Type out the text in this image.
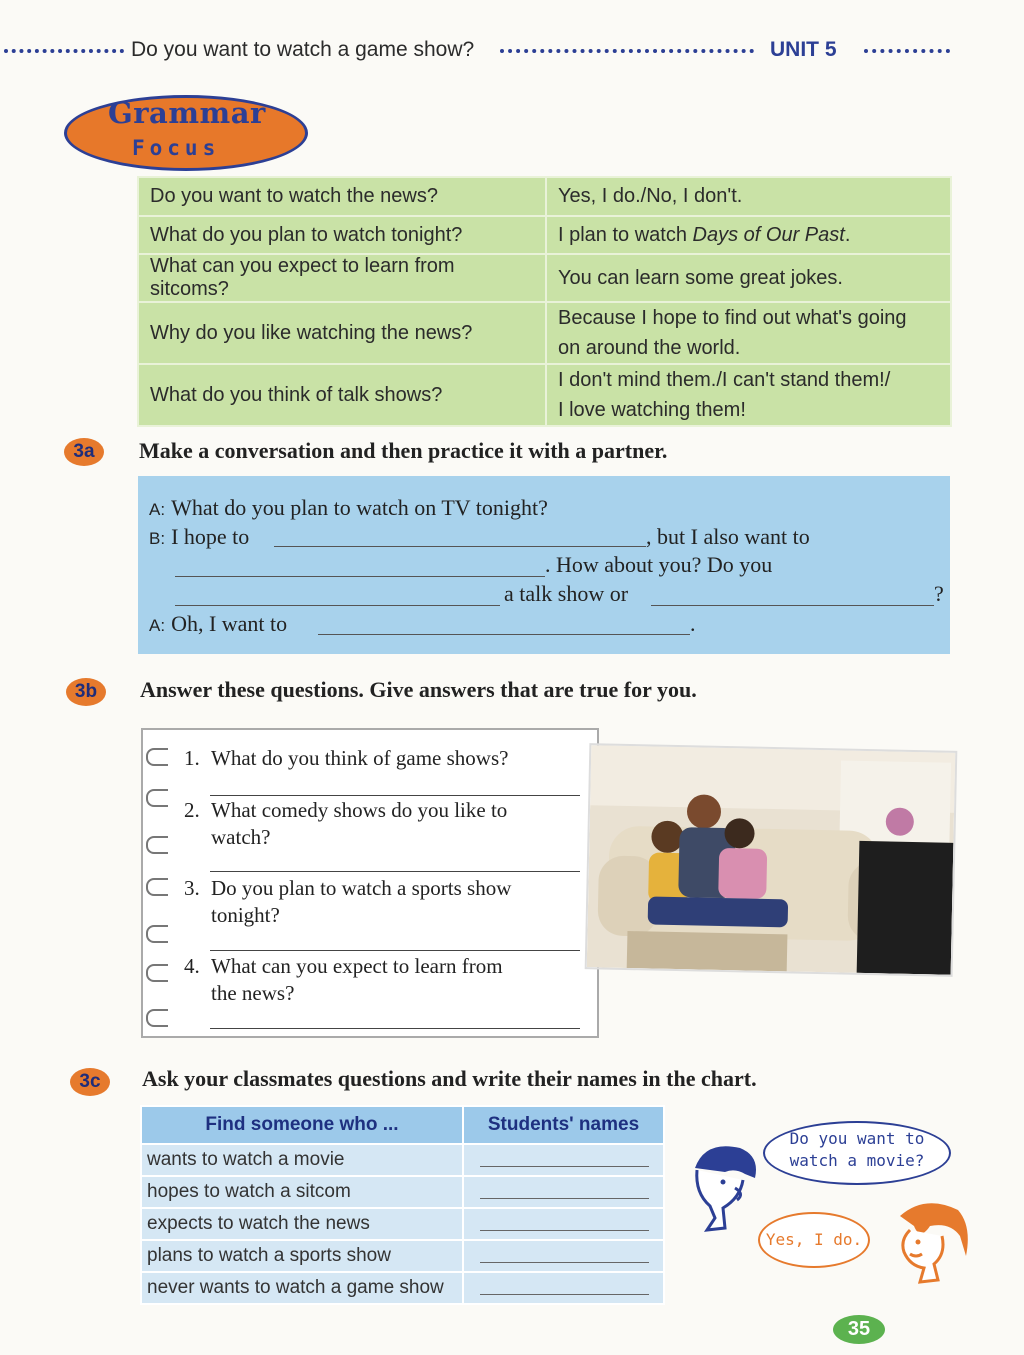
Do you want to watch a game show?	UNIT 5
Grammar
Focus
Do you want to watch the news?	Yes, I do./No, I don't.
What do you plan to watch tonight?	I plan to watch Days of Our Past.
What can you expect to learn from sitcoms?	You can learn some great jokes.
Why do you like watching the news?	Because I hope to find out what's going
on around the world.

What do you think of talk shows?	I don't mind them./I can't stand them!/
I love watching them!
3a	Make a conversation and then practice it with a partner.
A: What do you plan to watch on TV tonight?
B: I hope to	, but I also want to
. How about you? Do you
a talk show or	?
A: Oh, I want to	.
3b	Answer these questions. Give answers that are true for you.
1. What do you think of game shows?
2. What comedy shows do you like to
watch?
3. Do you plan to watch a sports show
tonight?
4. What can you expect to learn from
the news?
3c	Ask your classmates questions and write their names in the chart.
Find someone who ...	Students' names
wants to watch a movie	

hopes to watch a sitcom	

expects to watch the news	

plans to watch a sports show	

never wants to watch a game show	
Do you want to
watch a movie?
Yes, I do.
35
